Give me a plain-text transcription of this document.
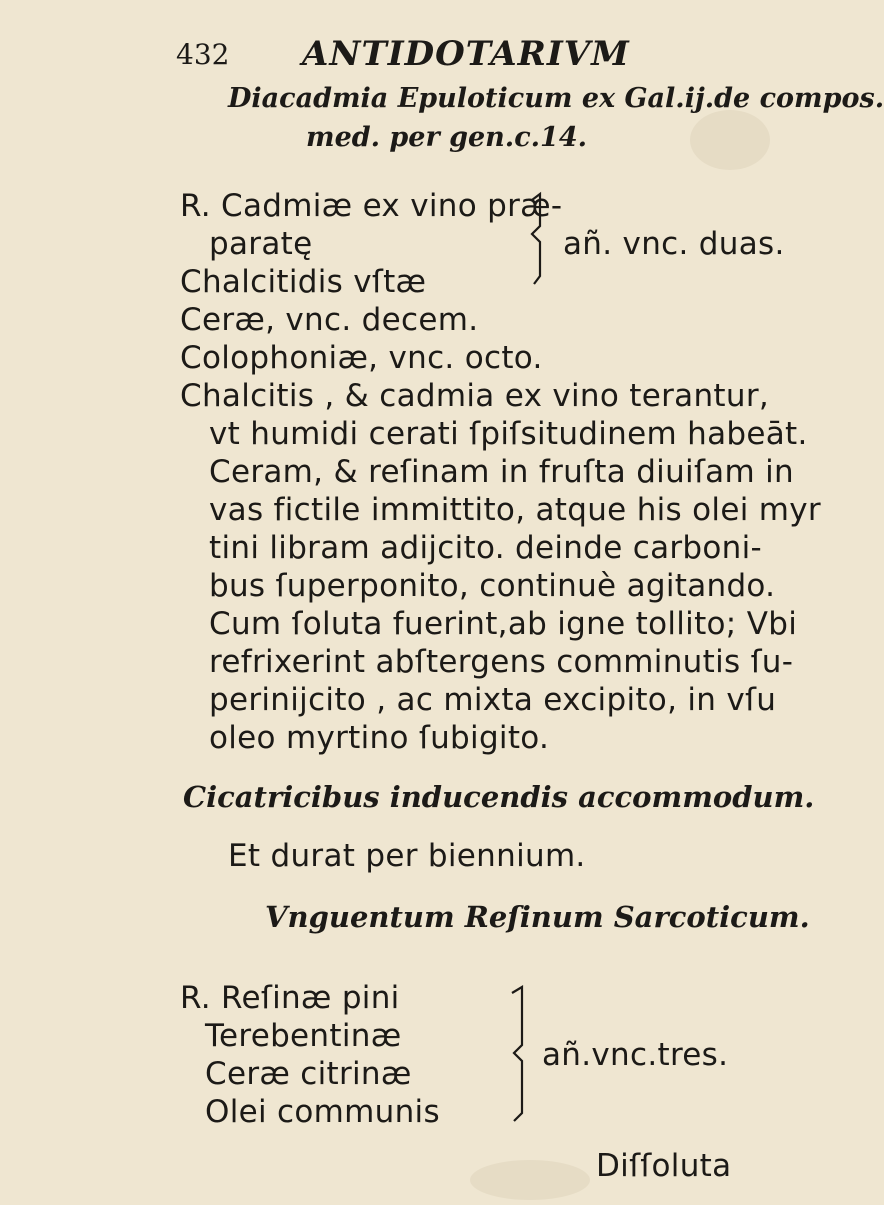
432 ANTIDOTARIVM
Diacadmia Epuloticum ex Gal.ij.de compos.
med. per gen.c.14.
R. Cadmiæ ex vino præ-
paratę
Chalcitidis vſtæ
añ. vnc. duas.
Ceræ, vnc. decem.
Colophoniæ, vnc. octo.
Chalcitis , & cadmia ex vino terantur,
vt humidi cerati ſpiſsitudinem habeāt.
Ceram, & reſinam in fruſta diuiſam in
vas fictile immittito, atque his olei myr
tini libram adijcito. deinde carboni-
bus ſuperponito, continuè agitando.
Cum ſoluta fuerint,ab igne tollito; Vbi
refrixerint abſtergens comminutis ſu-
perinijcito , ac mixta excipito, in vſu
oleo myrtino ſubigito.
Cicatricibus inducendis accommodum.
Et durat per biennium.
Vnguentum Reſinum Sarcoticum.
R. Reſinæ pini
Terebentinæ
Ceræ citrinæ
Olei communis
añ.vnc.tres.
Diſſoluta
